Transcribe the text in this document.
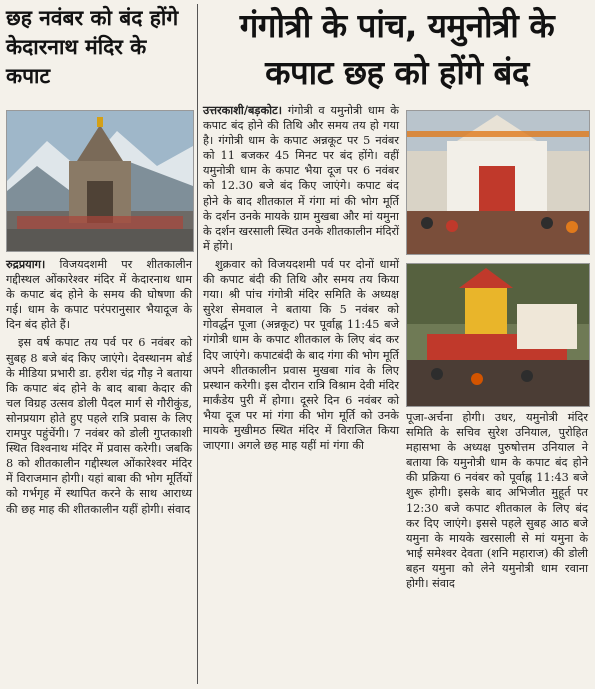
छह नवंबर को बंद होंगे केदारनाथ मंदिर के कपाट
गंगोत्री के पांच, यमुनोत्री के कपाट छह को होंगे बंद

रुद्रप्रयाग। विजयदशमी पर शीतकालीन गद्दीस्थल ओंकारेश्वर मंदिर में केदारनाथ धाम के कपाट बंद होने के समय की घोषणा की गई। धाम के कपाट परंपरानुसार भैयादूज के दिन बंद होते हैं।

इस वर्ष कपाट तय पर्व पर 6 नवंबर को सुबह 8 बजे बंद किए जाएंगे। देवस्थानम बोर्ड के मीडिया प्रभारी डा. हरीश चंद्र गौड़ ने बताया कि कपाट बंद होने के बाद बाबा केदार की चल विग्रह उत्सव डोली पैदल मार्ग से गौरीकुंड, सोनप्रयाग होते हुए पहले रात्रि प्रवास के लिए रामपुर पहुंचेंगी। 7 नवंबर को डोली गुप्तकाशी स्थित विश्वनाथ मंदिर में प्रवास करेगी। जबकि 8 को शीतकालीन गद्दीस्थल ओंकारेश्वर मंदिर में विराजमान होगी। यहां बाबा की भोग मूर्तियों को गर्भगृह में स्थापित करने के साथ आराध्य की छह माह की शीतकालीन यहीं होगी। संवाद

उत्तरकाशी/बड़कोट। गंगोत्री व यमुनोत्री धाम के कपाट बंद होने की तिथि और समय तय हो गया है। गंगोत्री धाम के कपाट अन्नकूट पर 5 नवंबर को 11 बजकर 45 मिनट पर बंद होंगे। वहीं यमुनोत्री धाम के कपाट भैया दूज पर 6 नवंबर को 12.30 बजे बंद किए जाएंगे। कपाट बंद होने के बाद शीतकाल में गंगा मां की भोग मूर्ति के दर्शन उनके मायके ग्राम मुखबा और मां यमुना के दर्शन खरसाली स्थित उनके शीतकालीन मंदिरों में होंगे।

शुक्रवार को विजयदशमी पर्व पर दोनों धामों की कपाट बंदी की तिथि और समय तय किया गया। श्री पांच गंगोत्री मंदिर समिति के अध्यक्ष सुरेश सेमवाल ने बताया कि 5 नवंबर को गोवर्द्धन पूजा (अन्नकूट) पर पूर्वाह्न 11:45 बजे गंगोत्री धाम के कपाट शीतकाल के लिए बंद कर दिए जाएंगे। कपाटबंदी के बाद गंगा की भोग मूर्ति अपने शीतकालीन प्रवास मुखबा गांव के लिए प्रस्थान करेगी। इस दौरान रात्रि विश्राम देवी मंदिर मार्कंडेय पुरी में होगा। दूसरे दिन 6 नवंबर को भैया दूज पर मां गंगा की भोग मूर्ति को उनके मायके मुखीमठ स्थित मंदिर में विराजित किया जाएगा। अगले छह माह यहीं मां गंगा की

पूजा-अर्चना होगी। उधर, यमुनोत्री मंदिर समिति के सचिव सुरेश उनियाल, पुरोहित महासभा के अध्यक्ष पुरुषोत्तम उनियाल ने बताया कि यमुनोत्री धाम के कपाट बंद होने की प्रक्रिया 6 नवंबर को पूर्वाह्न 11:43 बजे शुरू होगी। इसके बाद अभिजीत मुहूर्त पर 12:30 बजे कपाट शीतकाल के लिए बंद कर दिए जाएंगे। इससे पहले सुबह आठ बजे यमुना के मायके खरसाली से मां यमुना के भाई समेश्वर देवता (शनि महाराज) की डोली बहन यमुना को लेने यमुनोत्री धाम रवाना होगी। संवाद
